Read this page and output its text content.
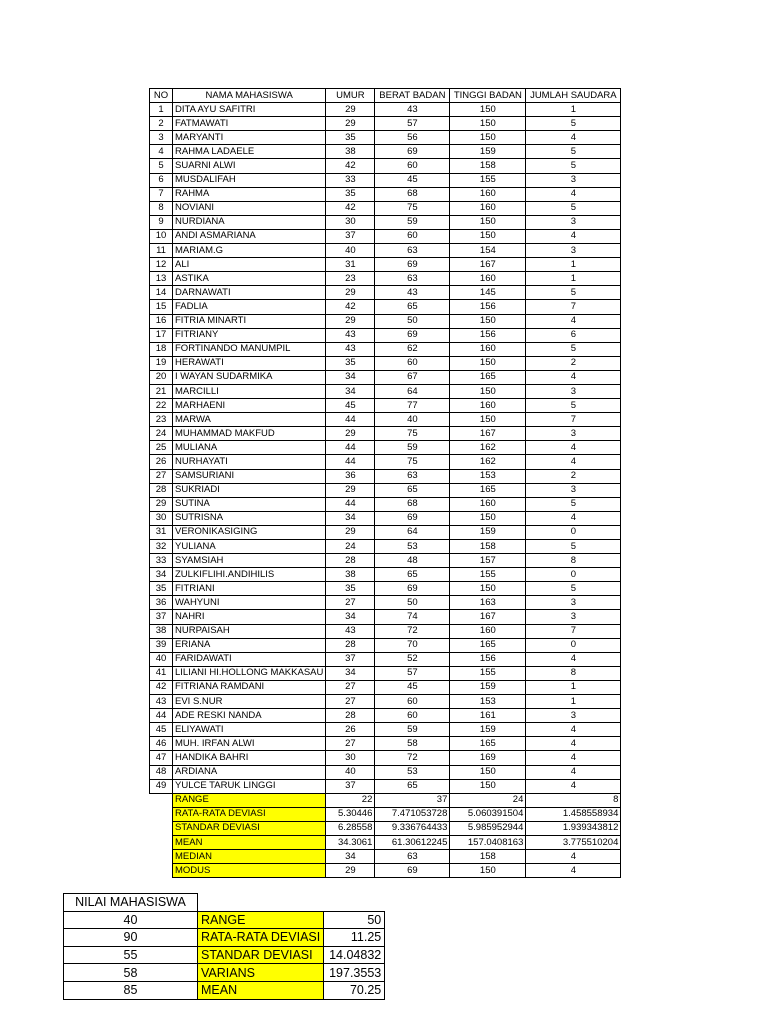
NO	NAMA MAHASISWA	UMUR	BERAT BADAN	TINGGI BADAN	JUMLAH SAUDARA
1	DITA AYU SAFITRI	29	43	150	1
2	FATMAWATI	29	57	150	5
3	MARYANTI	35	56	150	4
4	RAHMA LADAELE	38	69	159	5
5	SUARNI ALWI	42	60	158	5
6	MUSDALIFAH	33	45	155	3
7	RAHMA	35	68	160	4
8	NOVIANI	42	75	160	5
9	NURDIANA	30	59	150	3
10	ANDI ASMARIANA	37	60	150	4
11	MARIAM.G	40	63	154	3
12	ALI	31	69	167	1
13	ASTIKA	23	63	160	1
14	DARNAWATI	29	43	145	5
15	FADLIA	42	65	156	7
16	FITRIA MINARTI	29	50	150	4
17	FITRIANY	43	69	156	6
18	FORTINANDO MANUMPIL	43	62	160	5
19	HERAWATI	35	60	150	2
20	I WAYAN SUDARMIKA	34	67	165	4
21	MARCILLI	34	64	150	3
22	MARHAENI	45	77	160	5
23	MARWA	44	40	150	7
24	MUHAMMAD MAKFUD	29	75	167	3
25	MULIANA	44	59	162	4
26	NURHAYATI	44	75	162	4
27	SAMSURIANI	36	63	153	2
28	SUKRIADI	29	65	165	3
29	SUTINA	44	68	160	5
30	SUTRISNA	34	69	150	4
31	VERONIKASIGING	29	64	159	0
32	YULIANA	24	53	158	5
33	SYAMSIAH	28	48	157	8
34	ZULKIFLIHI.ANDIHILIS	38	65	155	0
35	FITRIANI	35	69	150	5
36	WAHYUNI	27	50	163	3
37	NAHRI	34	74	167	3
38	NURPAISAH	43	72	160	7
39	ERIANA	28	70	165	0
40	FARIDAWATI	37	52	156	4
41	LILIANI HI.HOLLONG MAKKASAU	34	57	155	8
42	FITRIANA RAMDANI	27	45	159	1
43	EVI S.NUR	27	60	153	1
44	ADE RESKI NANDA	28	60	161	3
45	ELIYAWATI	26	59	159	4
46	MUH. IRFAN ALWI	27	58	165	4
47	HANDIKA BAHRI	30	72	169	4
48	ARDIANA	40	53	150	4
49	YULCE TARUK LINGGI	37	65	150	4
	RANGE	22	37	24	8
	RATA-RATA DEVIASI	5.30446	7.471053728	5.060391504	1.458558934
	STANDAR DEVIASI	6.28558	9.336764433	5.985952944	1.939343812
	MEAN	34.3061	61.30612245	157.0408163	3.775510204
	MEDIAN	34	63	158	4
	MODUS	29	69	150	4
NILAI MAHASISWA		
40	RANGE	50
90	RATA-RATA DEVIASI	11.25
55	STANDAR DEVIASI	14.04832
58	VARIANS	197.3553
85	MEAN	70.25
